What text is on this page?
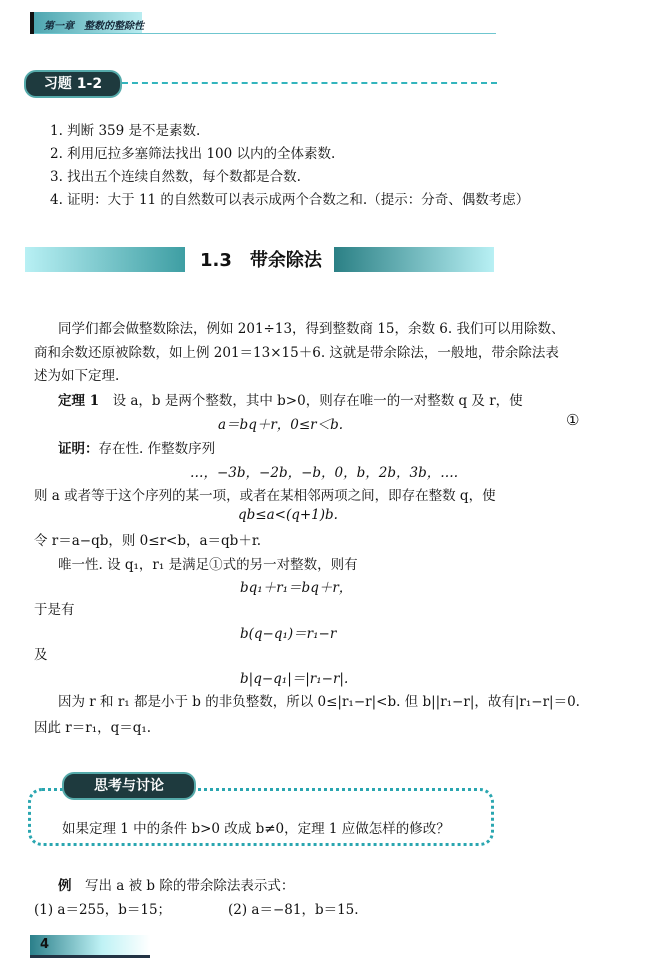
第一章　整数的整除性
习题 1-2
1. 判断 359 是不是素数.
2. 利用厄拉多塞筛法找出 100 以内的全体素数.
3. 找出五个连续自然数，每个数都是合数.
4. 证明：大于 11 的自然数可以表示成两个合数之和.（提示：分奇、偶数考虑）
1.3　带余除法
同学们都会做整数除法，例如 201÷13，得到整数商 15，余数 6. 我们可以用除数、
商和余数还原被除数，如上例 201＝13×15＋6. 这就是带余除法，一般地，带余除法表
述为如下定理.
定理 1　 设 a，b 是两个整数，其中 b>0，则存在唯一的一对整数 q 及 r，使
a＝bq＋r，0≤r＜b.	①
证明：存在性. 作整数序列
…，−3b，−2b，−b，0，b，2b，3b，….
则 a 或者等于这个序列的某一项，或者在某相邻两项之间，即存在整数 q，使
qb≤a<(q+1)b.
令 r＝a−qb，则 0≤r<b，a＝qb＋r.
唯一性. 设 q₁，r₁ 是满足①式的另一对整数，则有
bq₁＋r₁＝bq＋r，
于是有
b(q−q₁)＝r₁−r
及
b|q−q₁|＝|r₁−r|.
因为 r 和 r₁ 都是小于 b 的非负整数，所以 0≤|r₁−r|<b. 但 b||r₁−r|，故有|r₁−r|＝0.
因此 r＝r₁，q＝q₁.
思考与讨论
如果定理 1 中的条件 b>0 改成 b≠0，定理 1 应做怎样的修改？
例　 写出 a 被 b 除的带余除法表示式：
(1) a＝255，b＝15；	(2) a＝−81，b＝15.
4
